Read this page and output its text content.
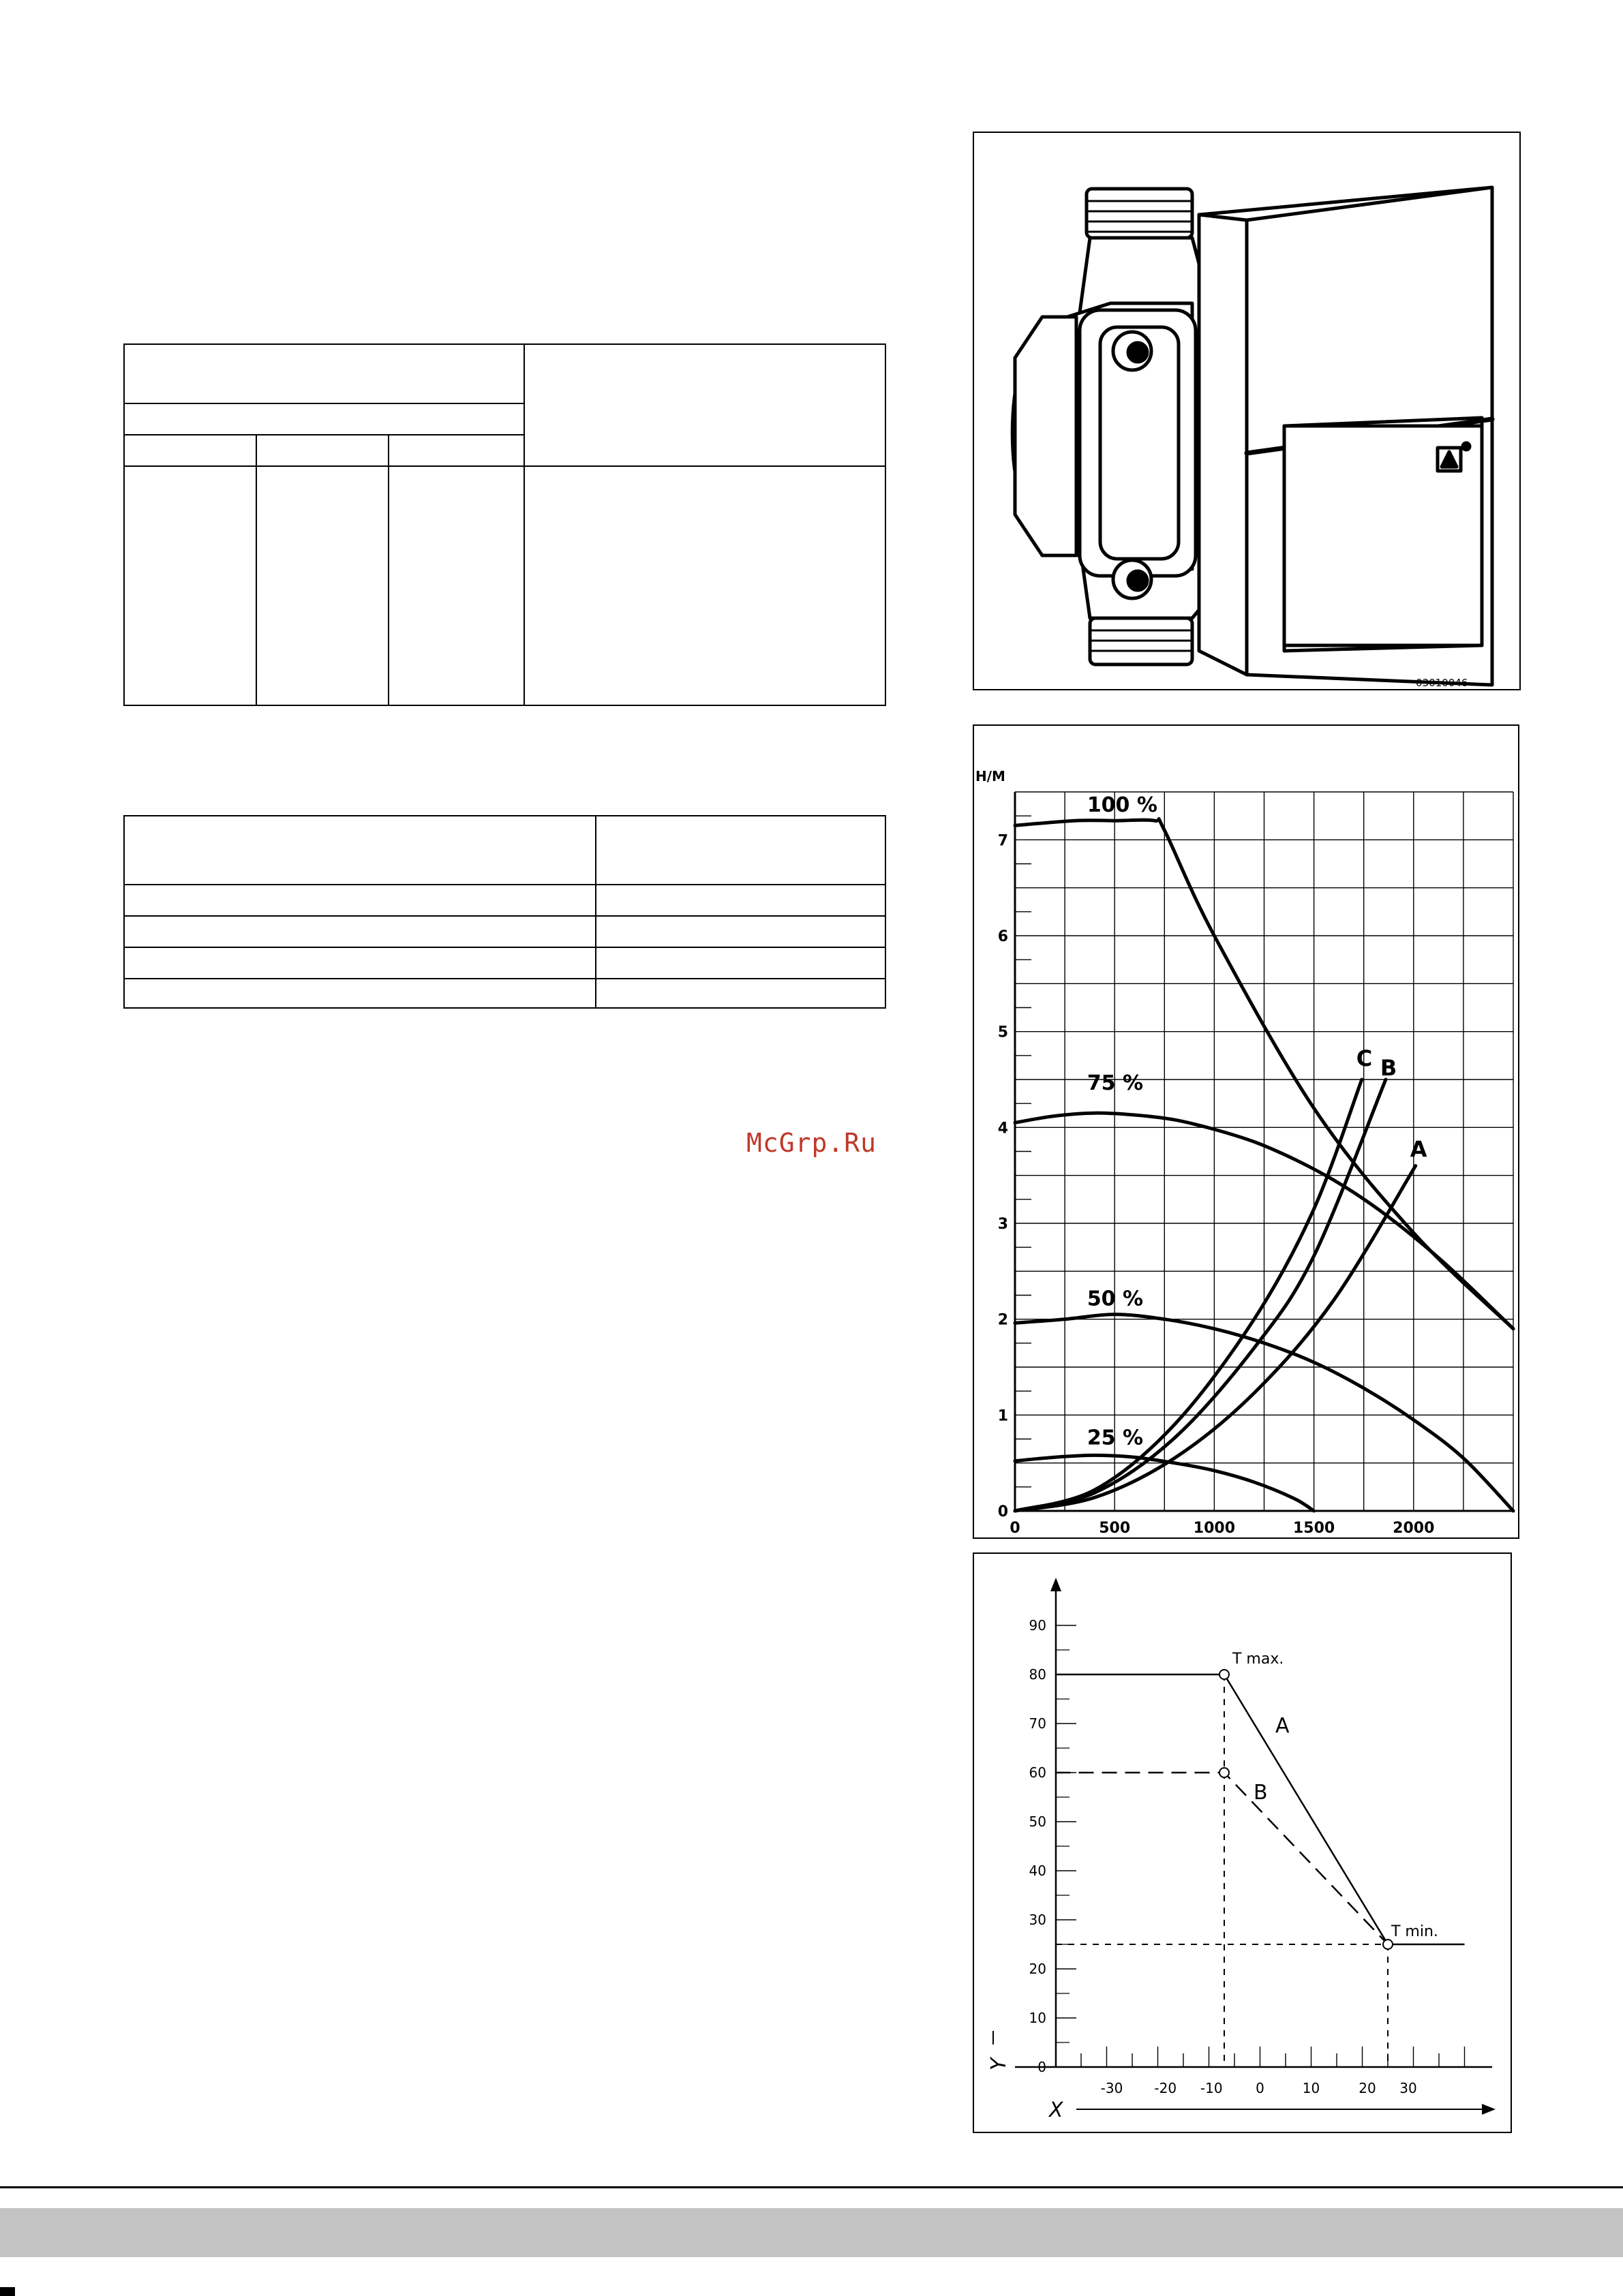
McGrp.Ru
03010046
0
1
2
3
4
5
6
7
0	500	1000	1500	2000
H/M
100 %
75 %
50 %
25 %
C B
A
0
10
20
30
40
50
60
70
80
90
-30 -20 -10 0	10	20 30
T max.
T min.
A
B
Y
X
